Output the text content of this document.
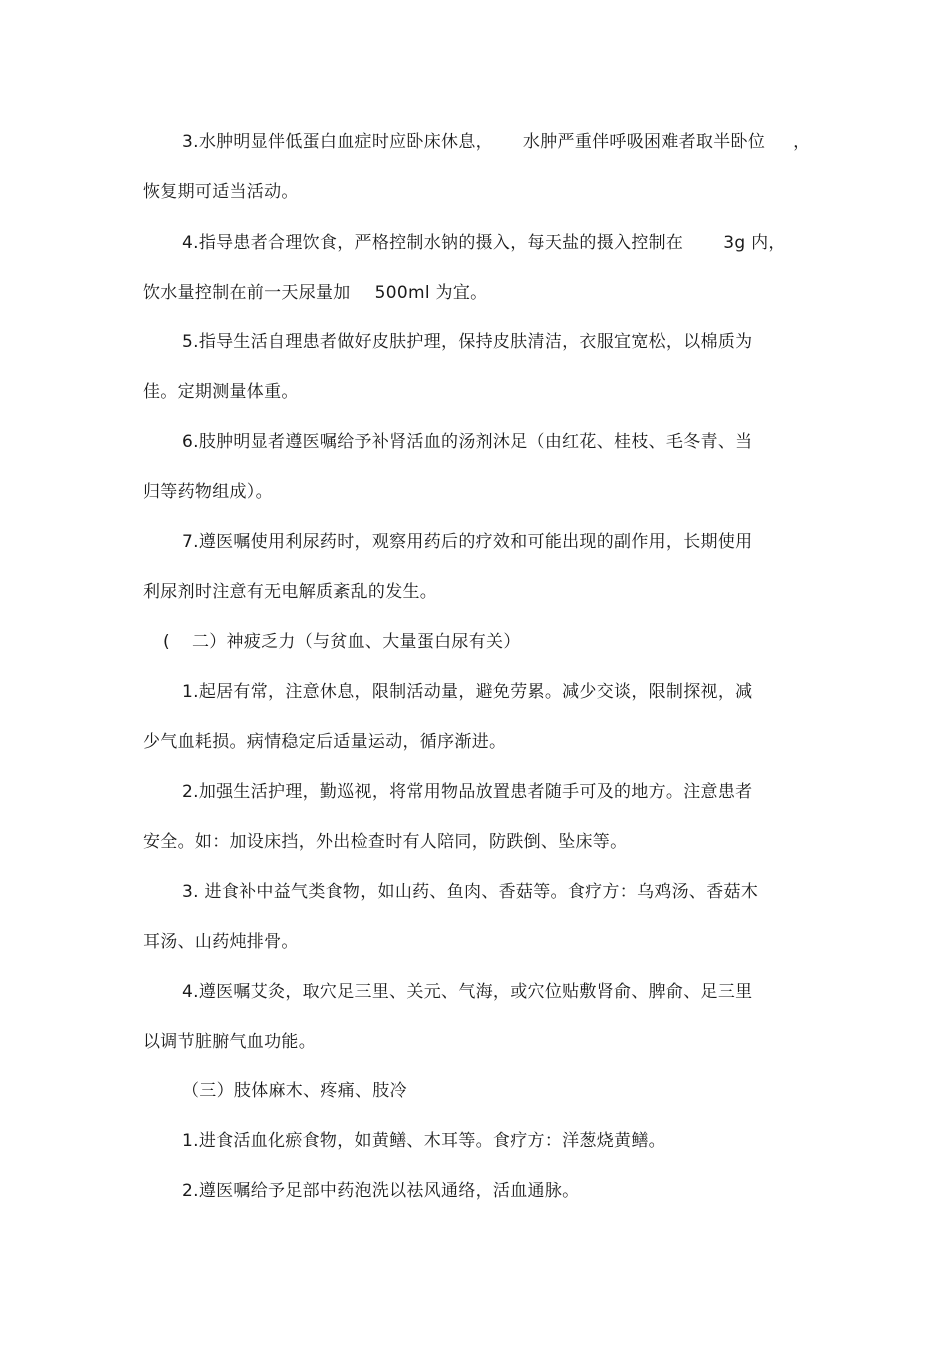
3.水肿明显伴低蛋白血症时应卧床休息， 水肿严重伴呼吸困难者取半卧位 ，
恢复期可适当活动。
4.指导患者合理饮食，严格控制水钠的摄入，每天盐的摄入控制在 3g 内，
饮水量控制在前一天尿量加 500ml 为宜。
5.指导生活自理患者做好皮肤护理，保持皮肤清洁，衣服宜宽松，以棉质为
佳。定期测量体重。
6.肢肿明显者遵医嘱给予补肾活血的汤剂沐足（由红花、桂枝、毛冬青、当
归等药物组成）。
7.遵医嘱使用利尿药时，观察用药后的疗效和可能出现的副作用，长期使用
利尿剂时注意有无电解质紊乱的发生。
( 二）神疲乏力（与贫血、大量蛋白尿有关）
1.起居有常，注意休息，限制活动量，避免劳累。减少交谈，限制探视，减
少气血耗损。病情稳定后适量运动，循序渐进。
2.加强生活护理，勤巡视，将常用物品放置患者随手可及的地方。注意患者
安全。如：加设床挡，外出检查时有人陪同，防跌倒、坠床等。
3. 进食补中益气类食物，如山药、鱼肉、香菇等。食疗方：乌鸡汤、香菇木
耳汤、山药炖排骨。
4.遵医嘱艾灸，取穴足三里、关元、气海，或穴位贴敷肾俞、脾俞、足三里
以调节脏腑气血功能。
（三）肢体麻木、疼痛、肢冷
1.进食活血化瘀食物，如黄鳝、木耳等。食疗方：洋葱烧黄鳝。
2.遵医嘱给予足部中药泡洗以祛风通络，活血通脉。
